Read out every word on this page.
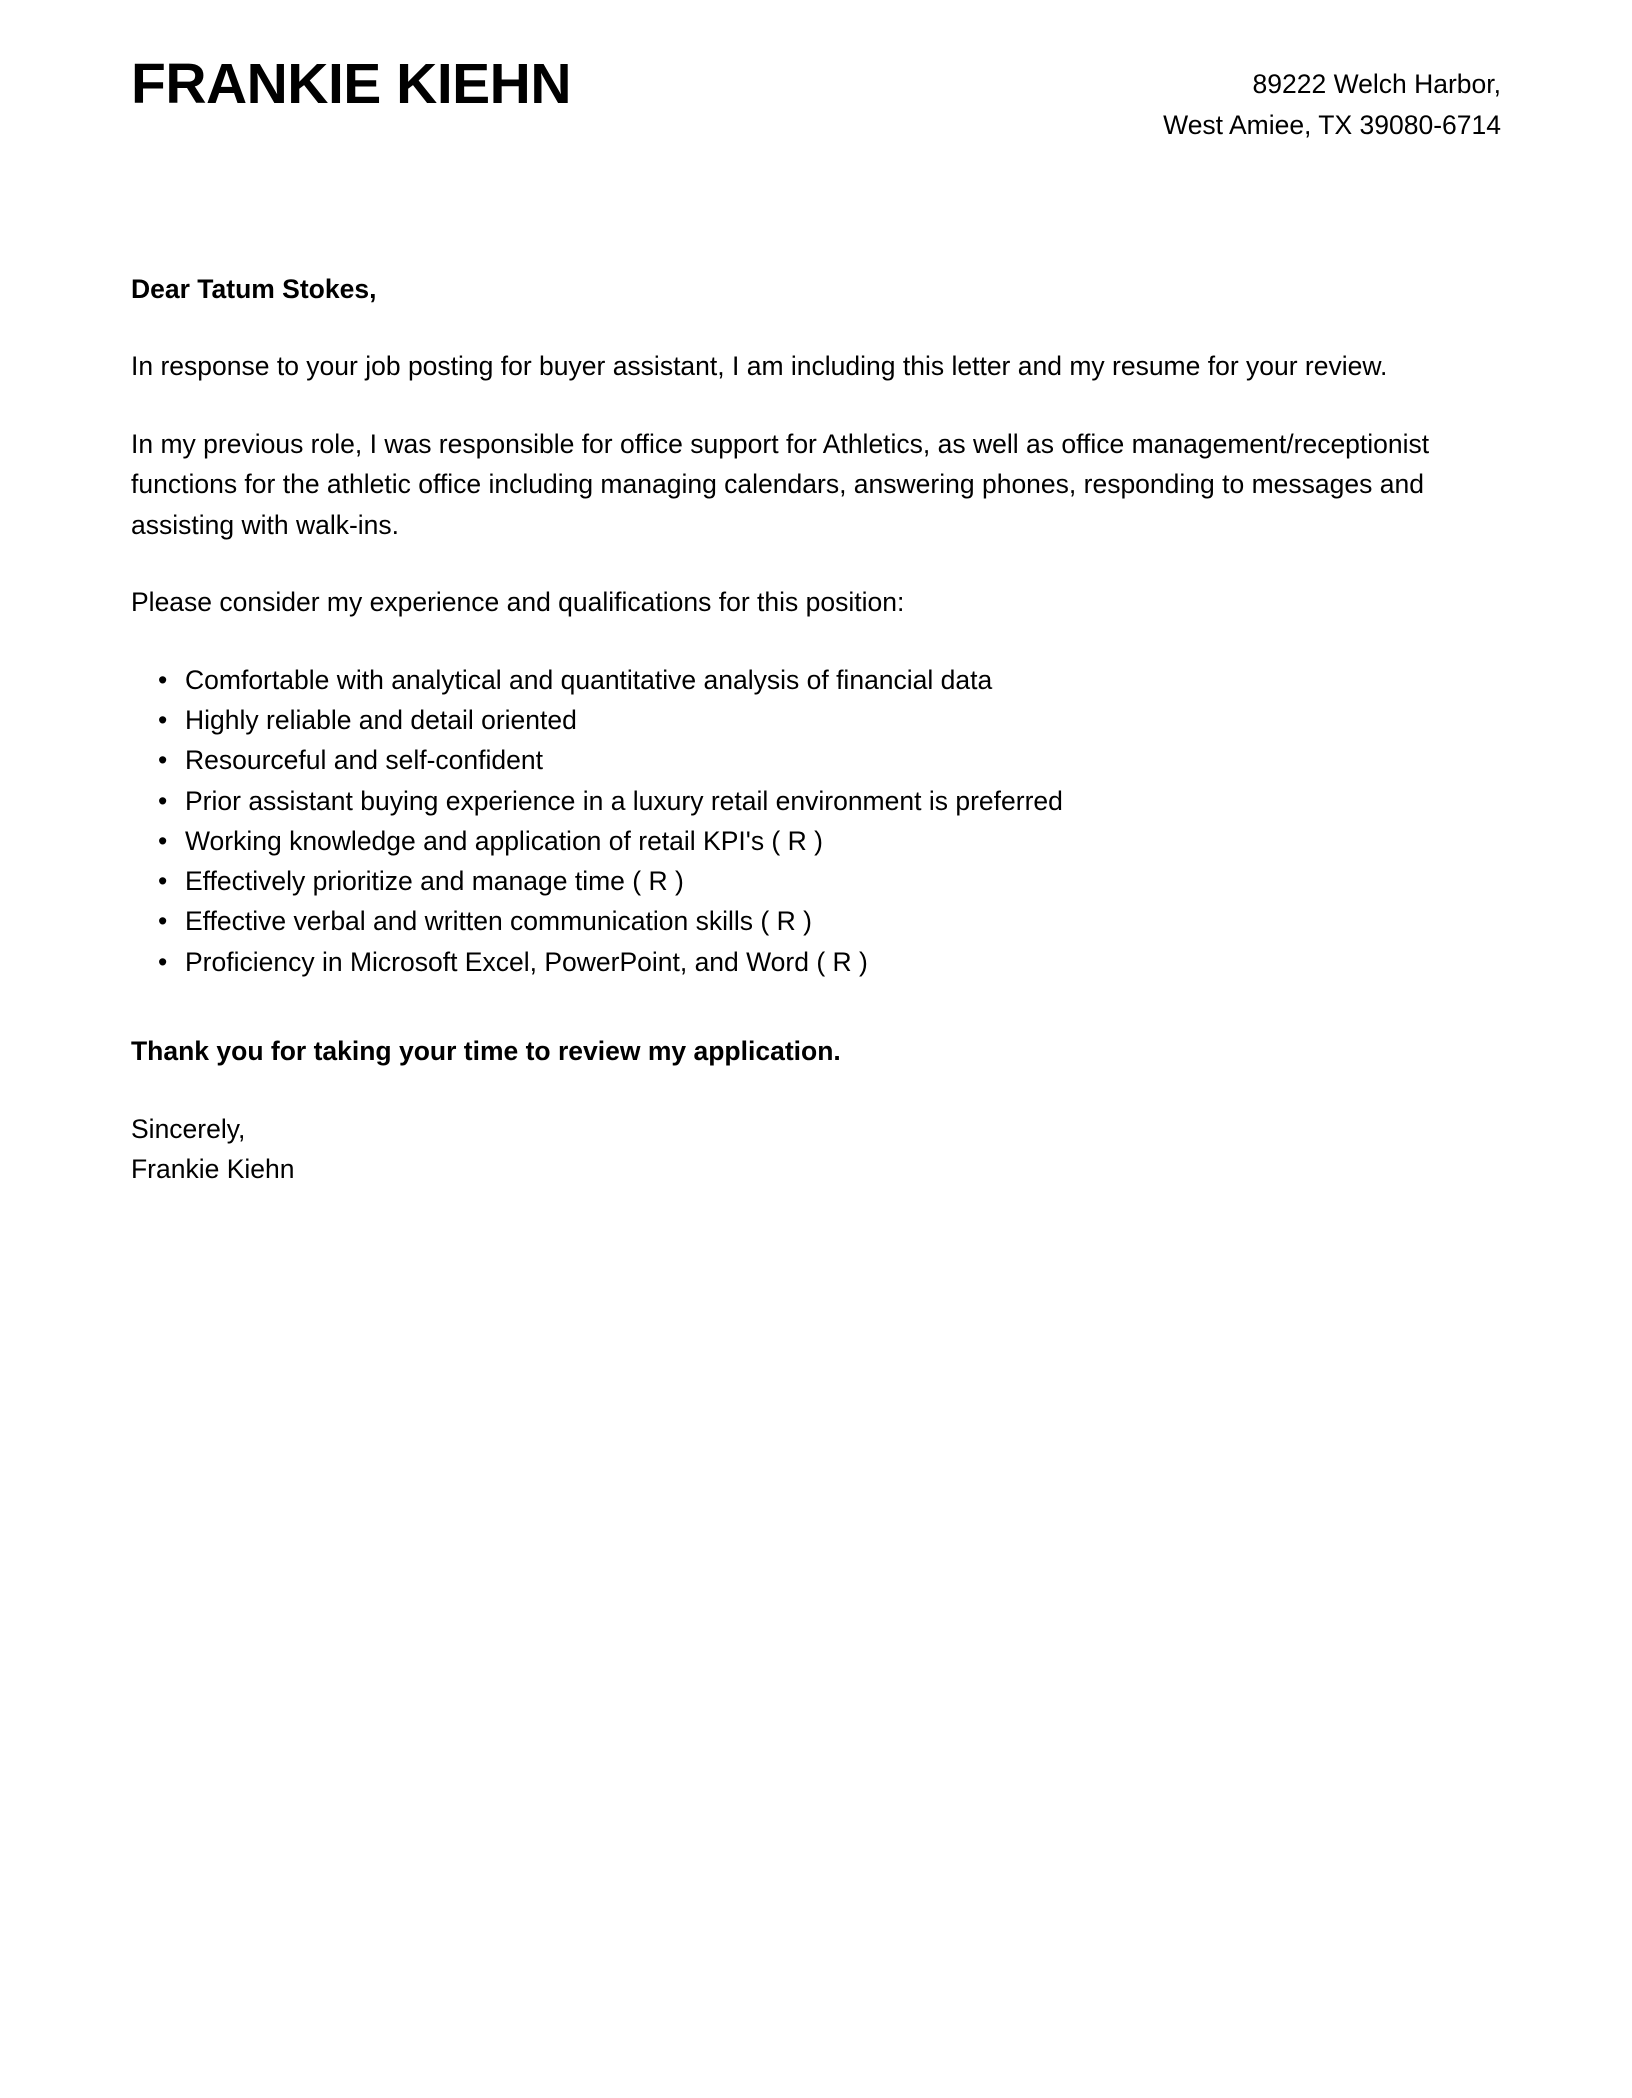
FRANKIE KIEHN	89222 Welch Harbor,
West Amiee, TX 39080-6714

Dear Tatum Stokes,

In response to your job posting for buyer assistant, I am including this letter and my resume for your review.

In my previous role, I was responsible for office support for Athletics, as well as office management/receptionist functions for the athletic office including managing calendars, answering phones, responding to messages and assisting with walk-ins.

Please consider my experience and qualifications for this position:

• Comfortable with analytical and quantitative analysis of financial data
• Highly reliable and detail oriented
• Resourceful and self-confident
• Prior assistant buying experience in a luxury retail environment is preferred
• Working knowledge and application of retail KPI's ( R )
• Effectively prioritize and manage time ( R )
• Effective verbal and written communication skills ( R )
• Proficiency in Microsoft Excel, PowerPoint, and Word ( R )

Thank you for taking your time to review my application.

Sincerely,
Frankie Kiehn
